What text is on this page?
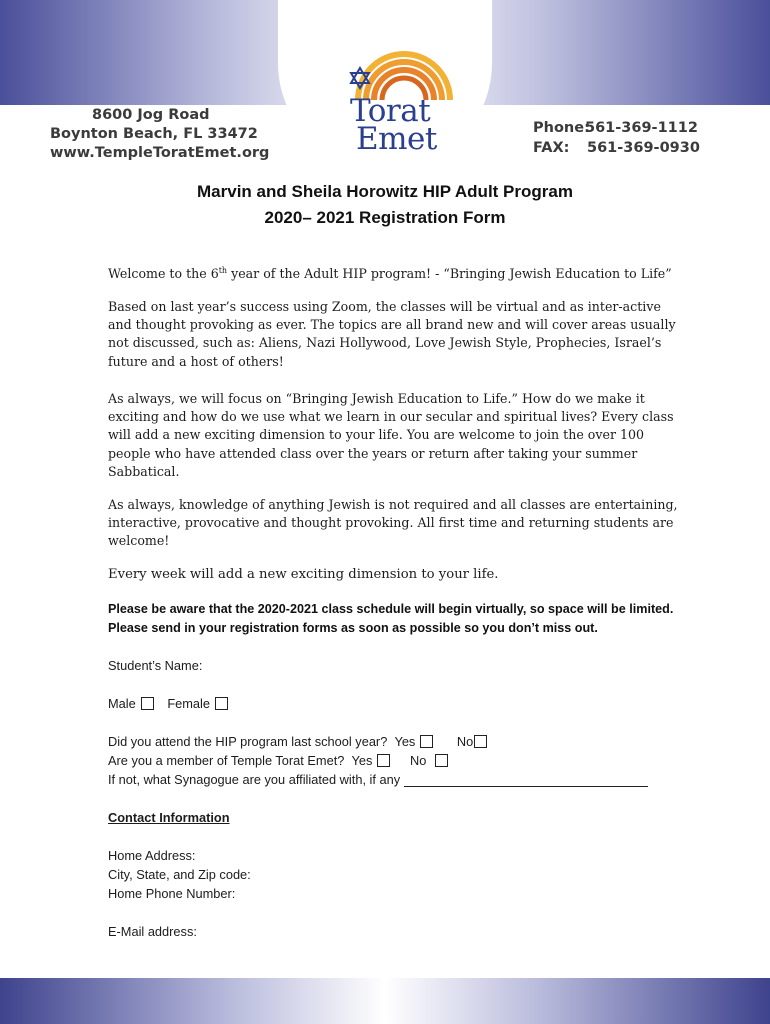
Torat
Emet
8600 Jog Road
Boynton Beach, FL 33472
www.TempleToratEmet.org
Phone:
561-369-1112
FAX:	561-369-0930
Marvin and Sheila Horowitz HIP Adult Program
2020– 2021 Registration Form
Welcome to the 6th year of the Adult HIP program! - “Bringing Jewish Education to Life”
Based on last year’s success using Zoom, the classes will be virtual and as inter-active and thought provoking as ever. The topics are all brand new and will cover areas usually not discussed, such as: Aliens, Nazi Hollywood, Love Jewish Style, Prophecies, Israel’s future and a host of others!
As always, we will focus on “Bringing Jewish Education to Life.” How do we make it exciting and how do we use what we learn in our secular and spiritual lives? Every class will add a new exciting dimension to your life. You are welcome to join the over 100 people who have attended class over the years or return after taking your summer Sabbatical.
As always, knowledge of anything Jewish is not required and all classes are entertaining, interactive, provocative and thought provoking. All first time and returning students are welcome!
Every week will add a new exciting dimension to your life.
Please be aware that the 2020-2021 class schedule will begin virtually, so space will be limited. Please send in your registration forms as soon as possible so you don’t miss out.
Student’s Name:
Male Female
Did you attend the HIP program last school year? Yes	No
Are you a member of Temple Torat Emet? Yes	No
If not, what Synagogue are you affiliated with, if any
Contact Information
Home Address:
City, State, and Zip code:
Home Phone Number:
E-Mail address:
